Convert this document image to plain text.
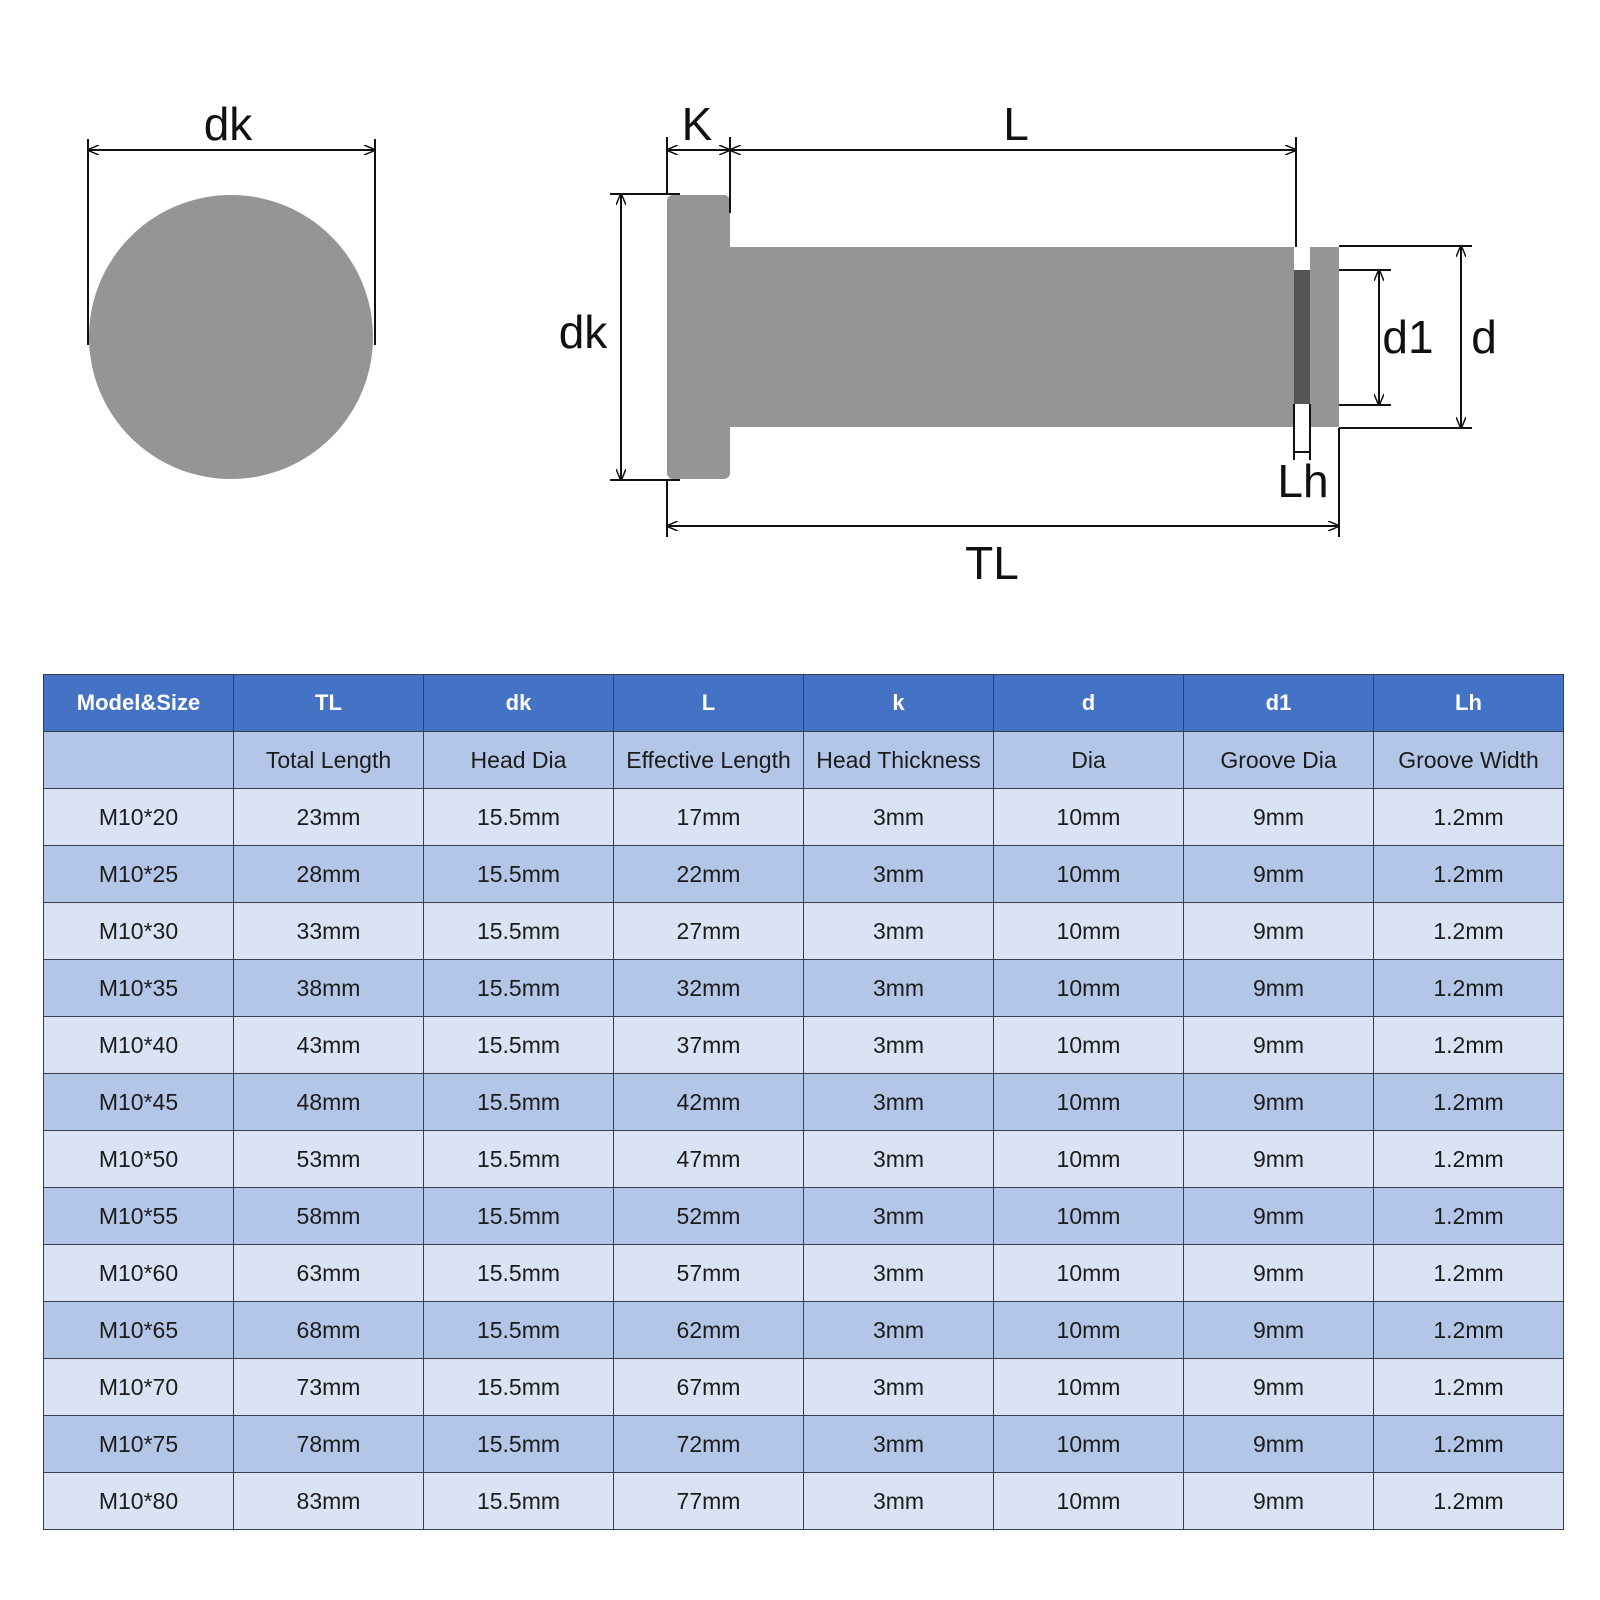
dk	K	L
dk	d1 d
Lh
TL
Model&Size	TL	dk	L	k	d	d1	Lh
	Total Length	Head Dia	Effective Length	Head Thickness	Dia	Groove Dia	Groove Width
M10*20	23mm	15.5mm	17mm	3mm	10mm	9mm	1.2mm
M10*25	28mm	15.5mm	22mm	3mm	10mm	9mm	1.2mm
M10*30	33mm	15.5mm	27mm	3mm	10mm	9mm	1.2mm
M10*35	38mm	15.5mm	32mm	3mm	10mm	9mm	1.2mm
M10*40	43mm	15.5mm	37mm	3mm	10mm	9mm	1.2mm
M10*45	48mm	15.5mm	42mm	3mm	10mm	9mm	1.2mm
M10*50	53mm	15.5mm	47mm	3mm	10mm	9mm	1.2mm
M10*55	58mm	15.5mm	52mm	3mm	10mm	9mm	1.2mm
M10*60	63mm	15.5mm	57mm	3mm	10mm	9mm	1.2mm
M10*65	68mm	15.5mm	62mm	3mm	10mm	9mm	1.2mm
M10*70	73mm	15.5mm	67mm	3mm	10mm	9mm	1.2mm
M10*75	78mm	15.5mm	72mm	3mm	10mm	9mm	1.2mm
M10*80	83mm	15.5mm	77mm	3mm	10mm	9mm	1.2mm
